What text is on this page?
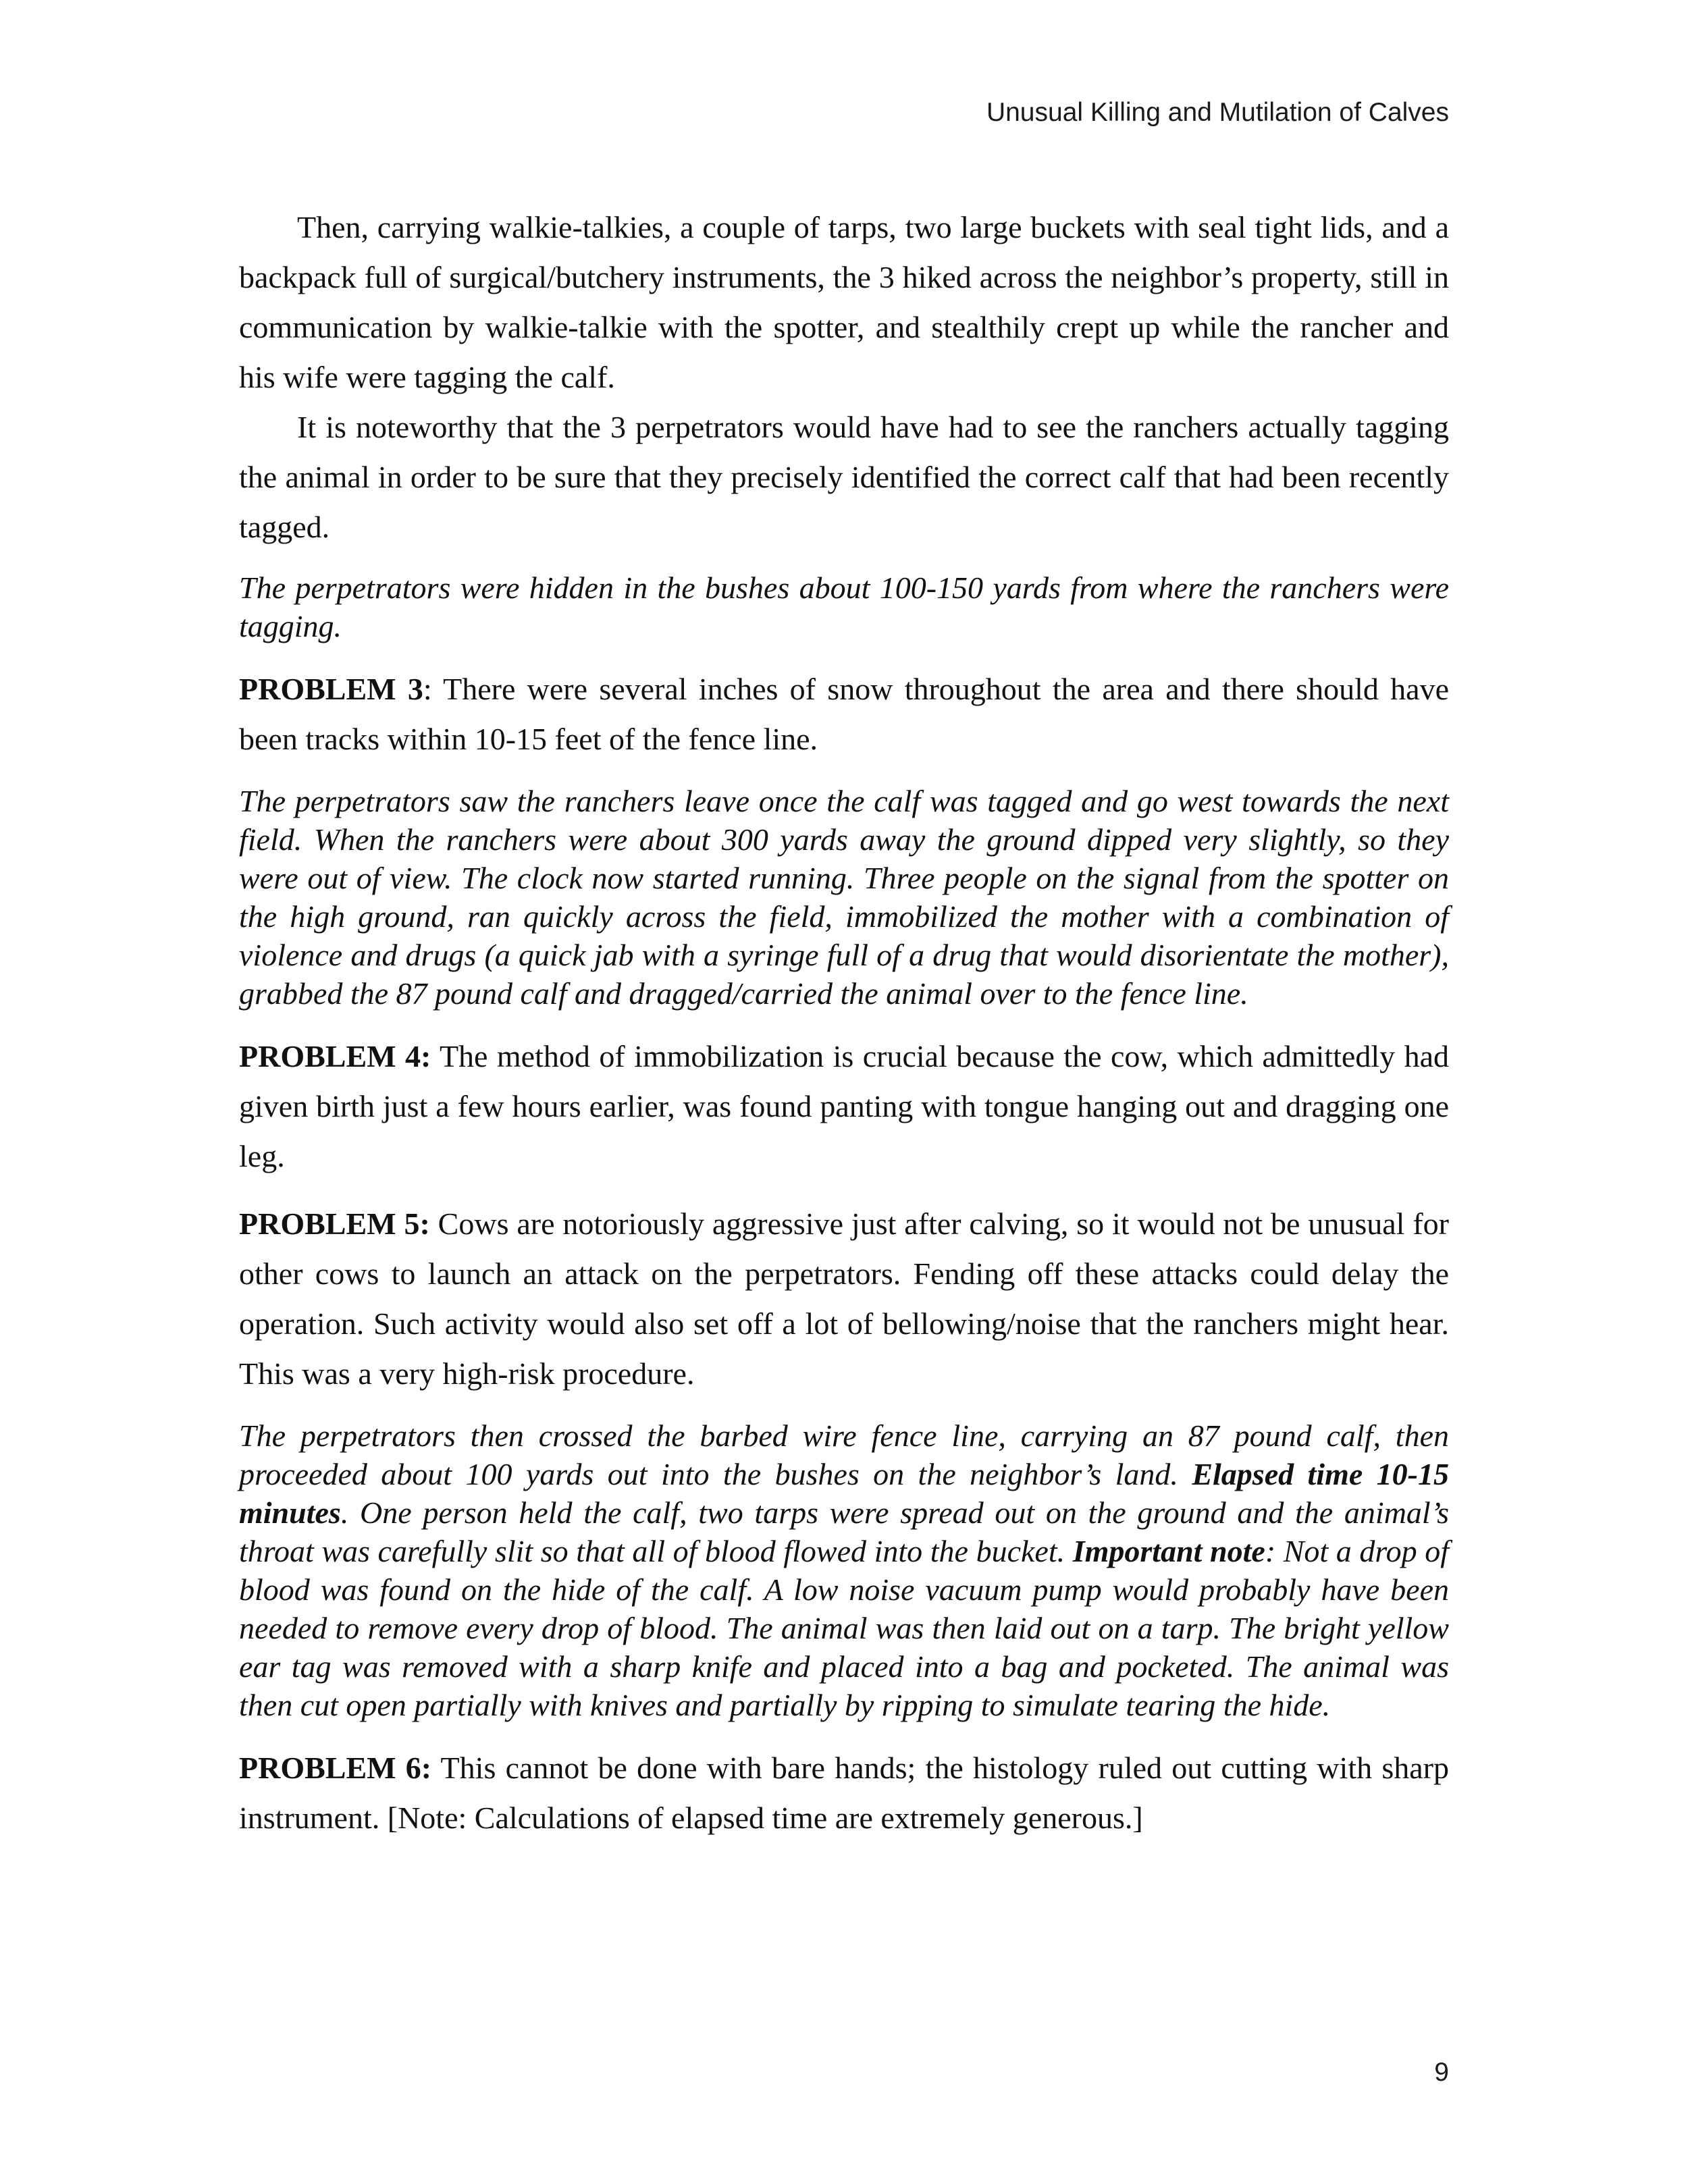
Unusual Killing and Mutilation of Calves

Then, carrying walkie-talkies, a couple of tarps, two large buckets with seal tight lids, and a backpack full of surgical/butchery instruments, the 3 hiked across the neighbor’s property, still in communication by walkie-talkie with the spotter, and stealthily crept up while the rancher and his wife were tagging the calf.

It is noteworthy that the 3 perpetrators would have had to see the ranchers actually tagging the animal in order to be sure that they precisely identified the correct calf that had been recently tagged.

The perpetrators were hidden in the bushes about 100-150 yards from where the ranchers were tagging.

PROBLEM 3: There were several inches of snow throughout the area and there should have been tracks within 10-15 feet of the fence line.

The perpetrators saw the ranchers leave once the calf was tagged and go west towards the next field. When the ranchers were about 300 yards away the ground dipped very slightly, so they were out of view. The clock now started running. Three people on the signal from the spotter on the high ground, ran quickly across the field, immobilized the mother with a combination of violence and drugs (a quick jab with a syringe full of a drug that would disorientate the mother), grabbed the 87 pound calf and dragged/carried the animal over to the fence line.

PROBLEM 4: The method of immobilization is crucial because the cow, which admittedly had given birth just a few hours earlier, was found panting with tongue hanging out and dragging one leg.

PROBLEM 5: Cows are notoriously aggressive just after calving, so it would not be unusual for other cows to launch an attack on the perpetrators. Fending off these attacks could delay the operation. Such activity would also set off a lot of bellowing/noise that the ranchers might hear. This was a very high-risk procedure.

The perpetrators then crossed the barbed wire fence line, carrying an 87 pound calf, then proceeded about 100 yards out into the bushes on the neighbor’s land. Elapsed time 10-15 minutes. One person held the calf, two tarps were spread out on the ground and the animal’s throat was carefully slit so that all of blood flowed into the bucket. Important note: Not a drop of blood was found on the hide of the calf. A low noise vacuum pump would probably have been needed to remove every drop of blood. The animal was then laid out on a tarp. The bright yellow ear tag was removed with a sharp knife and placed into a bag and pocketed. The animal was then cut open partially with knives and partially by ripping to simulate tearing the hide.

PROBLEM 6: This cannot be done with bare hands; the histology ruled out cutting with sharp instrument. [Note: Calculations of elapsed time are extremely generous.]

9
